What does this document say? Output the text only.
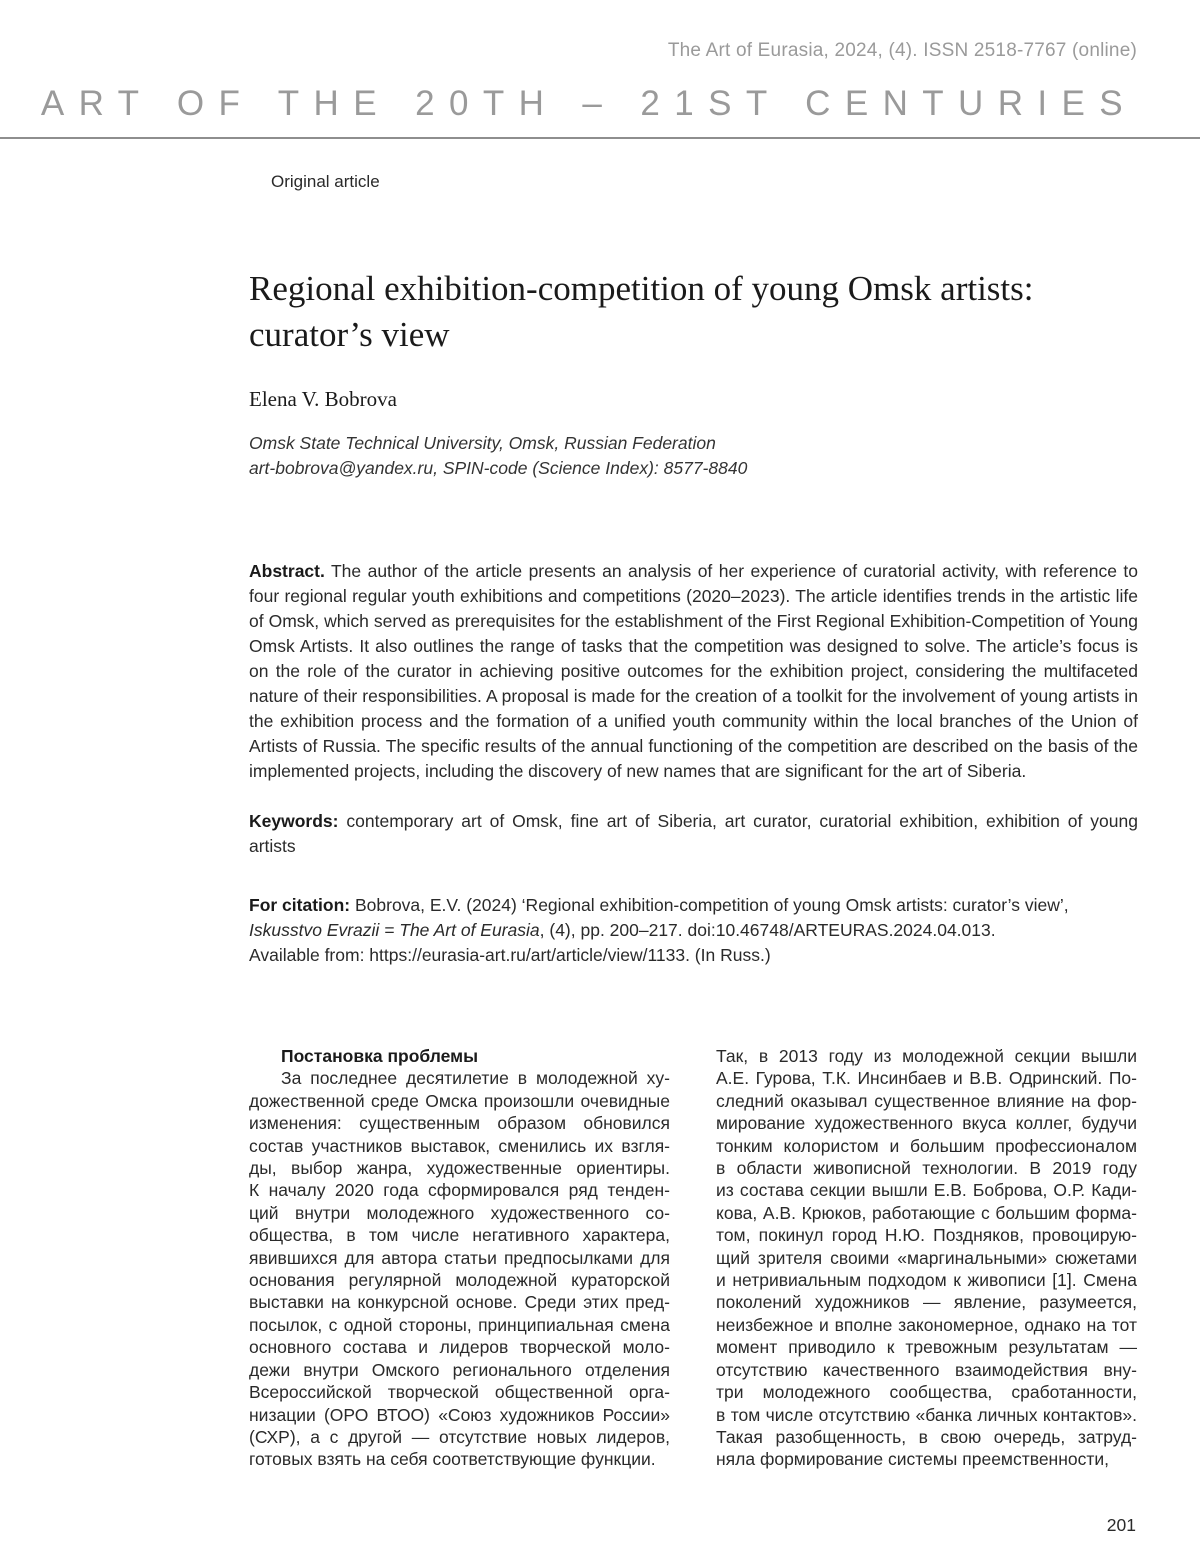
The Art of Eurasia, 2024, (4). ISSN 2518-7767 (online)
ART OF THE 20TH – 21ST CENTURIES
Original article
Regional exhibition-competition of young Omsk artists:
curator’s view
Elena V. Bobrova
Omsk State Technical University, Omsk, Russian Federation
art-bobrova@yandex.ru, SPIN-code (Science Index): 8577-8840

Abstract. The author of the article presents an analysis of her experience of curatorial activity, with reference to four regional regular youth exhibitions and competitions (2020–2023). The article identifies trends in the artistic life of Omsk, which served as prerequisites for the establishment of the First Regional Exhibition-Competition of Young Omsk Artists. It also outlines the range of tasks that the competition was designed to solve. The article’s focus is on the role of the curator in achieving positive outcomes for the exhibition project, considering the multifaceted nature of their responsibilities. A proposal is made for the creation of a toolkit for the involvement of young artists in the exhibition process and the formation of a unified youth community within the local branches of the Union of Artists of Russia. The specific results of the annual functioning of the competition are described on the basis of the implemented projects, including the discovery of new names that are significant for the art of Siberia.

Keywords: contemporary art of Omsk, fine art of Siberia, art curator, curatorial exhibition, exhibition of young artists

For citation: Bobrova, E.V. (2024) ‘Regional exhibition-competition of young Omsk artists: curator’s view’,
Iskusstvo Evrazii = The Art of Eurasia, (4), pp. 200–217. doi:10.46748/ARTEURAS.2024.04.013.
Available from: https://eurasia-art.ru/art/article/view/1133. (In Russ.)

Постановка проблемы
За последнее десятилетие в молодежной ху-
дожественной среде Омска произошли очевидные
изменения: существенным образом обновился
состав участников выставок, сменились их взгля-
ды, выбор жанра, художественные ориентиры.
К началу 2020 года сформировался ряд тенден-
ций внутри молодежного художественного со-
общества, в том числе негативного характера,
явившихся для автора статьи предпосылками для
основания регулярной молодежной кураторской
выставки на конкурсной основе. Среди этих пред-
посылок, с одной стороны, принципиальная смена
основного состава и лидеров творческой моло-
дежи внутри Омского регионального отделения
Всероссийской творческой общественной орга-
низации (ОРО ВТОО) «Союз художников России»
(СХР), а с другой — отсутствие новых лидеров,
готовых взять на себя соответствующие функции.
Так, в 2013 году из молодежной секции вышли
А.Е. Гурова, Т.К. Инсинбаев и В.В. Одринский. По-
следний оказывал существенное влияние на фор-
мирование художественного вкуса коллег, будучи
тонким колористом и большим профессионалом
в области живописной технологии. В 2019 году
из состава секции вышли Е.В. Боброва, О.Р. Кади-
кова, А.В. Крюков, работающие с большим форма-
том, покинул город Н.Ю. Поздняков, провоцирую-
щий зрителя своими «маргинальными» сюжетами
и нетривиальным подходом к живописи [1]. Смена
поколений художников — явление, разумеется,
неизбежное и вполне закономерное, однако на тот
момент приводило к тревожным результатам —
отсутствию качественного взаимодействия вну-
три молодежного сообщества, сработанности,
в том числе отсутствию «банка личных контактов».
Такая разобщенность, в свою очередь, затруд-
няла формирование системы преемственности,
201
